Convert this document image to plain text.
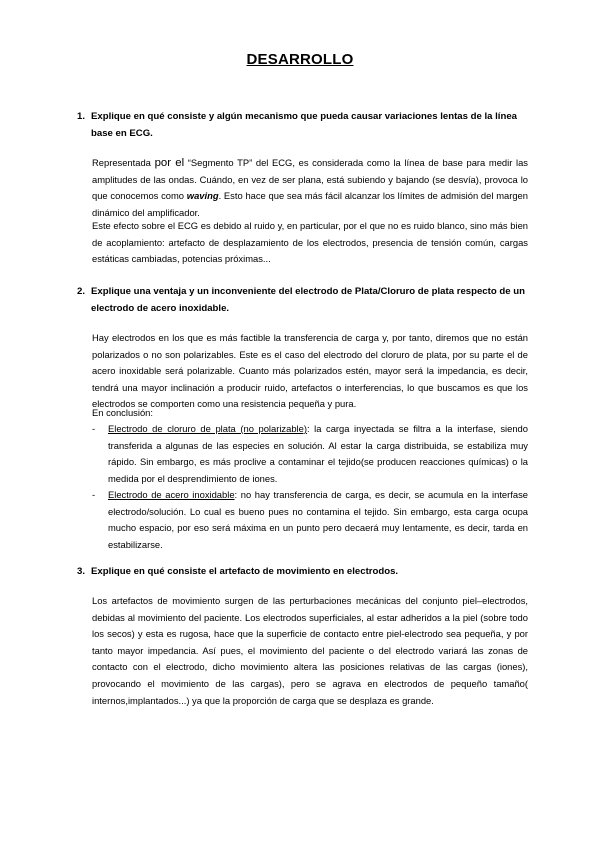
DESARROLLO
1. Explique en qué consiste y algún mecanismo que pueda causar variaciones lentas de la línea base en ECG.
Representada por el “Segmento TP” del ECG, es considerada como la línea de base para medir las amplitudes de las ondas. Cuándo, en vez de ser plana, está subiendo y bajando (se desvía), provoca lo que conocemos como waving. Esto hace que sea más fácil alcanzar los límites de admisión del margen dinámico del amplificador.
Este efecto sobre el ECG es debido al ruido y, en particular, por el que no es ruido blanco, sino más bien de acoplamiento: artefacto de desplazamiento de los electrodos, presencia de tensión común, cargas estáticas cambiadas, potencias próximas...
2. Explique una ventaja y un inconveniente del electrodo de Plata/Cloruro de plata respecto de un electrodo de acero inoxidable.
Hay electrodos en los que es más factible la transferencia de carga y, por tanto, diremos que no están polarizados o no son polarizables. Este es el caso del electrodo del cloruro de plata, por su parte el de acero inoxidable será polarizable. Cuanto más polarizados estén, mayor será la impedancia, es decir, tendrá una mayor inclinación a producir ruido, artefactos o interferencias, lo que buscamos es que los electrodos se comporten como una resistencia pequeña y pura.
En conclusión:
- Electrodo de cloruro de plata (no polarizable): la carga inyectada se filtra a la interfase, siendo transferida a algunas de las especies en solución. Al estar la carga distribuida, se estabiliza muy rápido. Sin embargo, es más proclive a contaminar el tejido(se producen reacciones químicas) o la medida por el desprendimiento de iones.
- Electrodo de acero inoxidable: no hay transferencia de carga, es decir, se acumula en la interfase electrodo/solución. Lo cual es bueno pues no contamina el tejido. Sin embargo, esta carga ocupa mucho espacio, por eso será máxima en un punto pero decaerá muy lentamente, es decir, tarda en estabilizarse.
3. Explique en qué consiste el artefacto de movimiento en electrodos.
Los artefactos de movimiento surgen de las perturbaciones mecánicas del conjunto piel–electrodos, debidas al movimiento del paciente. Los electrodos superficiales, al estar adheridos a la piel (sobre todo los secos) y esta es rugosa, hace que la superficie de contacto entre piel-electrodo sea pequeña, y por tanto mayor impedancia. Así pues, el movimiento del paciente o del electrodo variará las zonas de contacto con el electrodo, dicho movimiento altera las posiciones relativas de las cargas (iones), provocando el movimiento de las cargas), pero se agrava en electrodos de pequeño tamaño( internos,implantados...) ya que la proporción de carga que se desplaza es grande.
